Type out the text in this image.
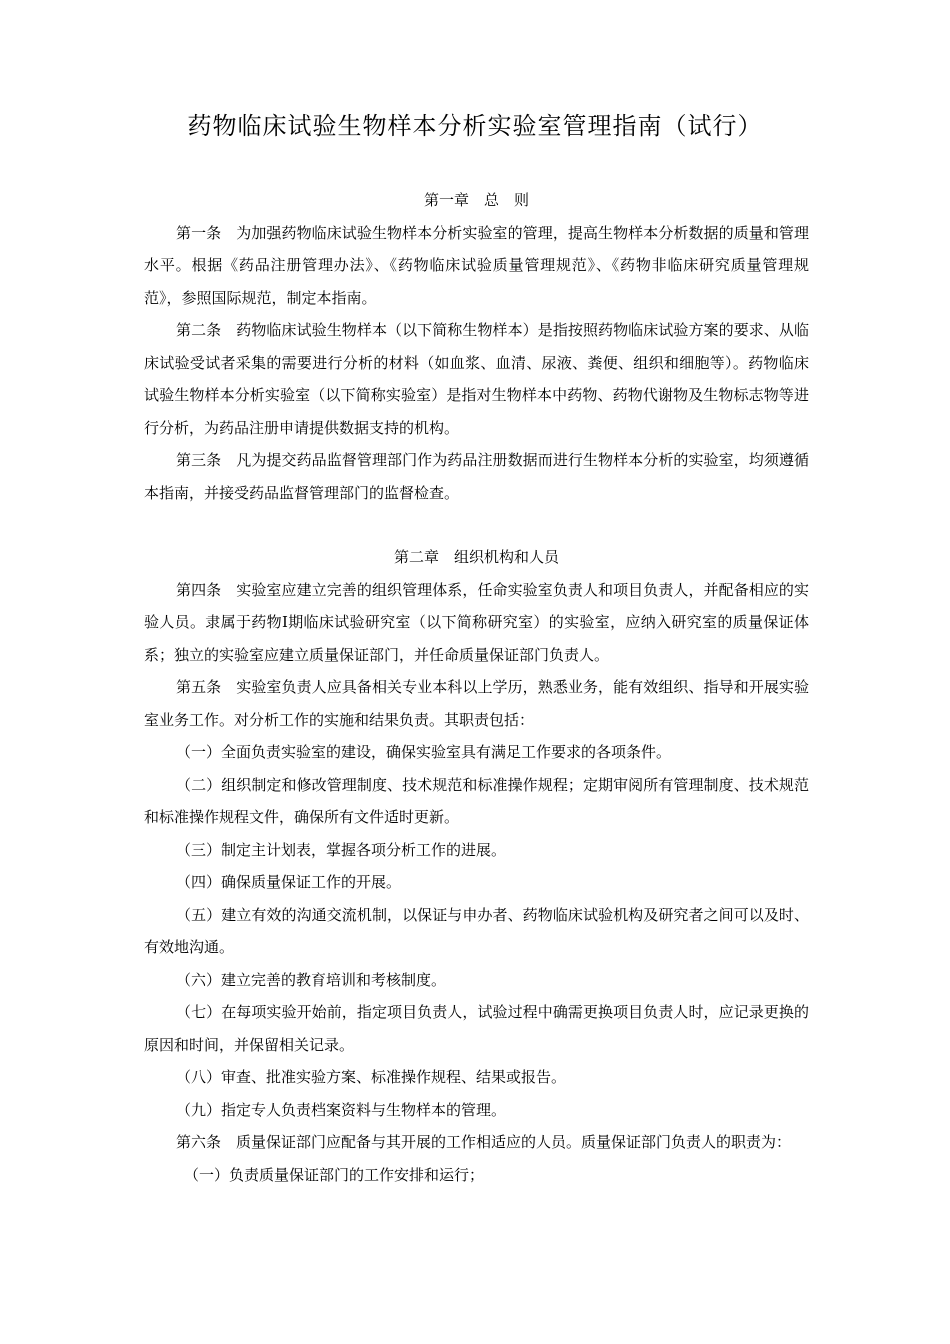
药物临床试验生物样本分析实验室管理指南（试行）

第一章　总　则

第一条　为加强药物临床试验生物样本分析实验室的管理，提高生物样本分析数据的质量和管理水平。根据《药品注册管理办法》、《药物临床试验质量管理规范》、《药物非临床研究质量管理规范》，参照国际规范，制定本指南。

第二条　药物临床试验生物样本（以下简称生物样本）是指按照药物临床试验方案的要求、从临床试验受试者采集的需要进行分析的材料（如血浆、血清、尿液、粪便、组织和细胞等）。药物临床试验生物样本分析实验室（以下简称实验室）是指对生物样本中药物、药物代谢物及生物标志物等进行分析，为药品注册申请提供数据支持的机构。

第三条　凡为提交药品监督管理部门作为药品注册数据而进行生物样本分析的实验室，均须遵循本指南，并接受药品监督管理部门的监督检查。

第二章　组织机构和人员

第四条　实验室应建立完善的组织管理体系，任命实验室负责人和项目负责人，并配备相应的实验人员。隶属于药物Ⅰ期临床试验研究室（以下简称研究室）的实验室，应纳入研究室的质量保证体系；独立的实验室应建立质量保证部门，并任命质量保证部门负责人。

第五条　实验室负责人应具备相关专业本科以上学历，熟悉业务，能有效组织、指导和开展实验室业务工作。对分析工作的实施和结果负责。其职责包括：

（一）全面负责实验室的建设，确保实验室具有满足工作要求的各项条件。

（二）组织制定和修改管理制度、技术规范和标准操作规程；定期审阅所有管理制度、技术规范和标准操作规程文件，确保所有文件适时更新。

（三）制定主计划表，掌握各项分析工作的进展。

（四）确保质量保证工作的开展。

（五）建立有效的沟通交流机制，以保证与申办者、药物临床试验机构及研究者之间可以及时、有效地沟通。

（六）建立完善的教育培训和考核制度。

（七）在每项实验开始前，指定项目负责人，试验过程中确需更换项目负责人时，应记录更换的原因和时间，并保留相关记录。

（八）审查、批准实验方案、标准操作规程、结果或报告。

（九）指定专人负责档案资料与生物样本的管理。

第六条　质量保证部门应配备与其开展的工作相适应的人员。质量保证部门负责人的职责为：

（一）负责质量保证部门的工作安排和运行；
